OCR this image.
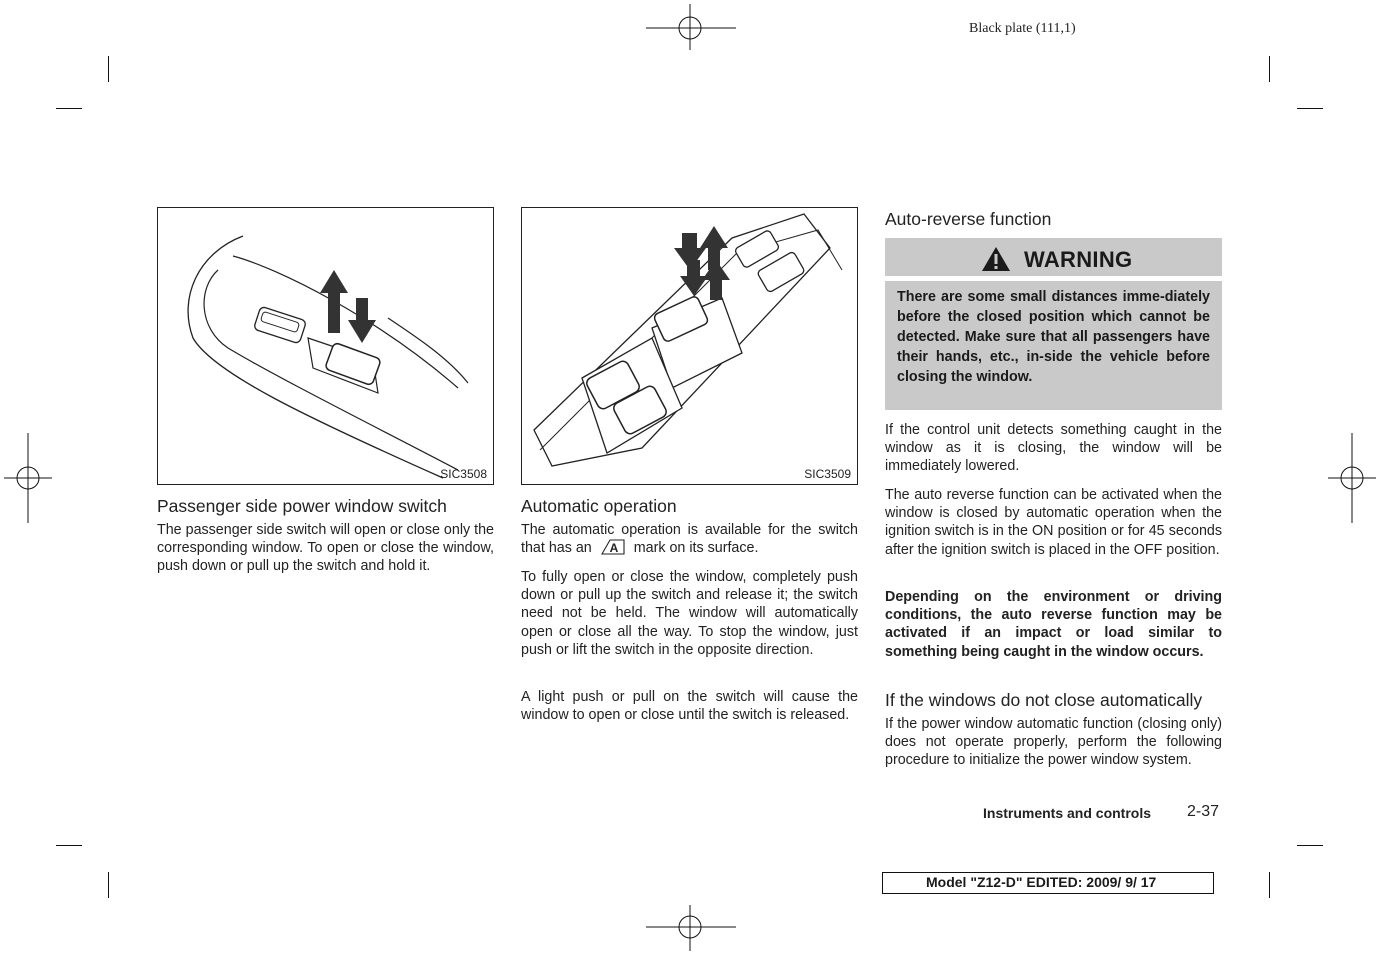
Black plate (111,1)
SIC3508	SIC3509
Passenger side power window switch
The passenger side switch will open or close only the corresponding window. To open or close the window, push down or pull up the switch and hold it.
Automatic operation
The automatic operation is available for the switch that has an A mark on its surface.
To fully open or close the window, completely push down or pull up the switch and release it; the switch need not be held. The window will automatically open or close all the way. To stop the window, just push or lift the switch in the opposite direction.
A light push or pull on the switch will cause the window to open or close until the switch is released.
Auto-reverse function
WARNING
There are some small distances imme-diately before the closed position which cannot be detected. Make sure that all passengers have their hands, etc., in-side the vehicle before closing the window.
If the control unit detects something caught in the window as it is closing, the window will be immediately lowered.
The auto reverse function can be activated when the window is closed by automatic operation when the ignition switch is in the ON position or for 45 seconds after the ignition switch is placed in the OFF position.
Depending on the environment or driving conditions, the auto reverse function may be activated if an impact or load similar to something being caught in the window occurs.
If the windows do not close automatically
If the power window automatic function (closing only) does not operate properly, perform the following procedure to initialize the power window system.
Instruments and controls 2-37
Model "Z12-D" EDITED: 2009/ 9/ 17
